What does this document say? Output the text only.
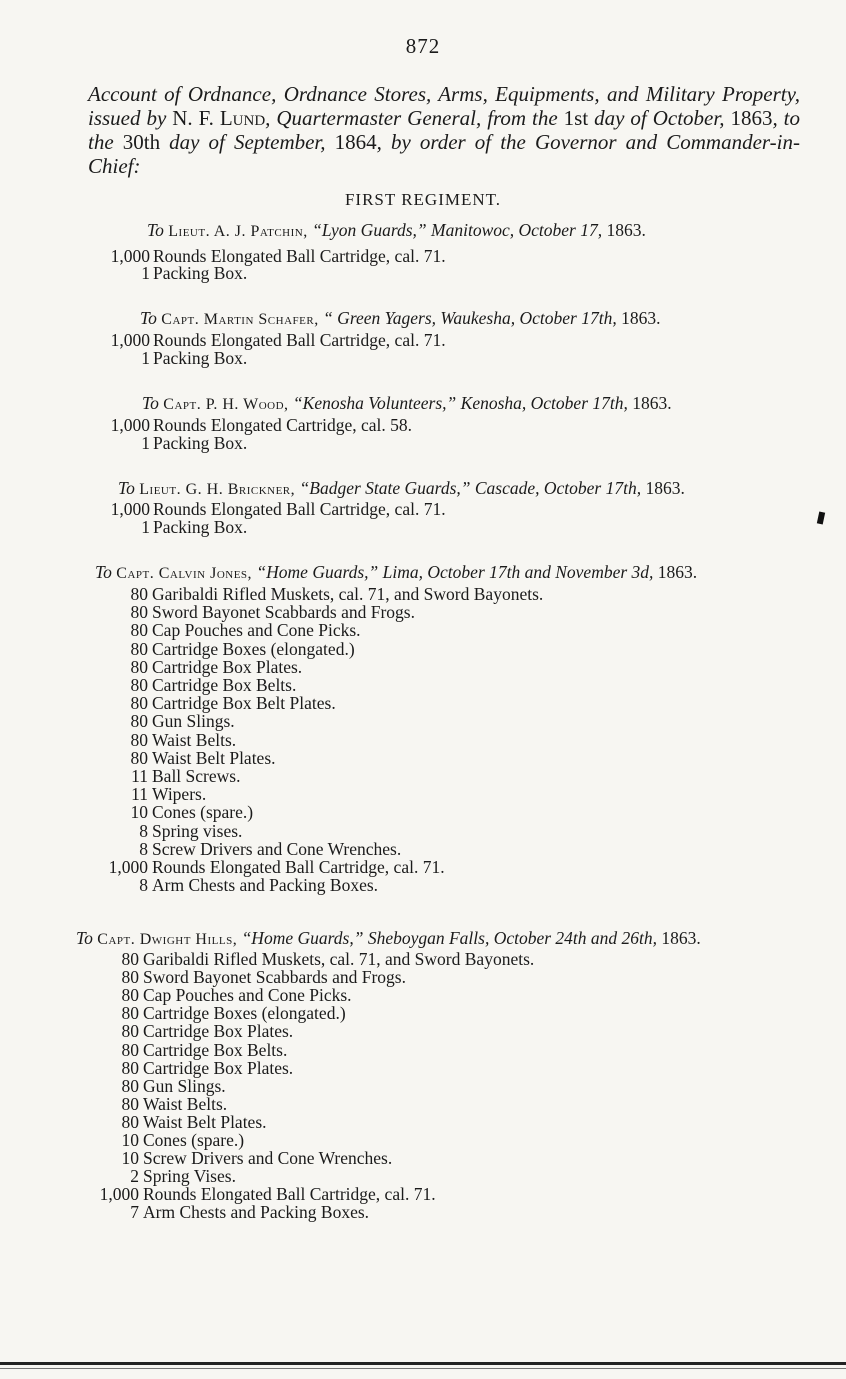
872
Account of Ordnance, Ordnance Stores, Arms, Equipments, and Military Property, issued by N. F. Lund, Quartermaster General, from the 1st day of October, 1863, to the 30th day of September, 1864, by order of the Governor and Commander-in-Chief:
FIRST REGIMENT.
To Lieut. A. J. Patchin, “Lyon Guards,” Manitowoc, October 17, 1863.
1,000 Rounds Elongated Ball Cartridge, cal. 71.
1 Packing Box.
To Capt. Martin Schafer, “ Green Yagers, Waukesha, October 17th, 1863.
1,000 Rounds Elongated Ball Cartridge, cal. 71.
1 Packing Box.
To Capt. P. H. Wood, “Kenosha Volunteers,” Kenosha, October 17th, 1863.
1,000 Rounds Elongated Cartridge, cal. 58.
1 Packing Box.
To Lieut. G. H. Brickner, “Badger State Guards,” Cascade, October 17th, 1863.
1,000 Rounds Elongated Ball Cartridge, cal. 71.
1 Packing Box.
To Capt. Calvin Jones, “Home Guards,” Lima, October 17th and November 3d, 1863.
80 Garibaldi Rifled Muskets, cal. 71, and Sword Bayonets.
80 Sword Bayonet Scabbards and Frogs.
80 Cap Pouches and Cone Picks.
80 Cartridge Boxes (elongated.)
80 Cartridge Box Plates.
80 Cartridge Box Belts.
80 Cartridge Box Belt Plates.
80 Gun Slings.
80 Waist Belts.
80 Waist Belt Plates.
11 Ball Screws.
11 Wipers.
10 Cones (spare.)
8 Spring vises.
8 Screw Drivers and Cone Wrenches.
1,000 Rounds Elongated Ball Cartridge, cal. 71.
8 Arm Chests and Packing Boxes.
To Capt. Dwight Hills, “Home Guards,” Sheboygan Falls, October 24th and 26th, 1863.
80 Garibaldi Rifled Muskets, cal. 71, and Sword Bayonets.
80 Sword Bayonet Scabbards and Frogs.
80 Cap Pouches and Cone Picks.
80 Cartridge Boxes (elongated.)
80 Cartridge Box Plates.
80 Cartridge Box Belts.
80 Cartridge Box Plates.
80 Gun Slings.
80 Waist Belts.
80 Waist Belt Plates.
10 Cones (spare.)
10 Screw Drivers and Cone Wrenches.
2 Spring Vises.
1,000 Rounds Elongated Ball Cartridge, cal. 71.
7 Arm Chests and Packing Boxes.
